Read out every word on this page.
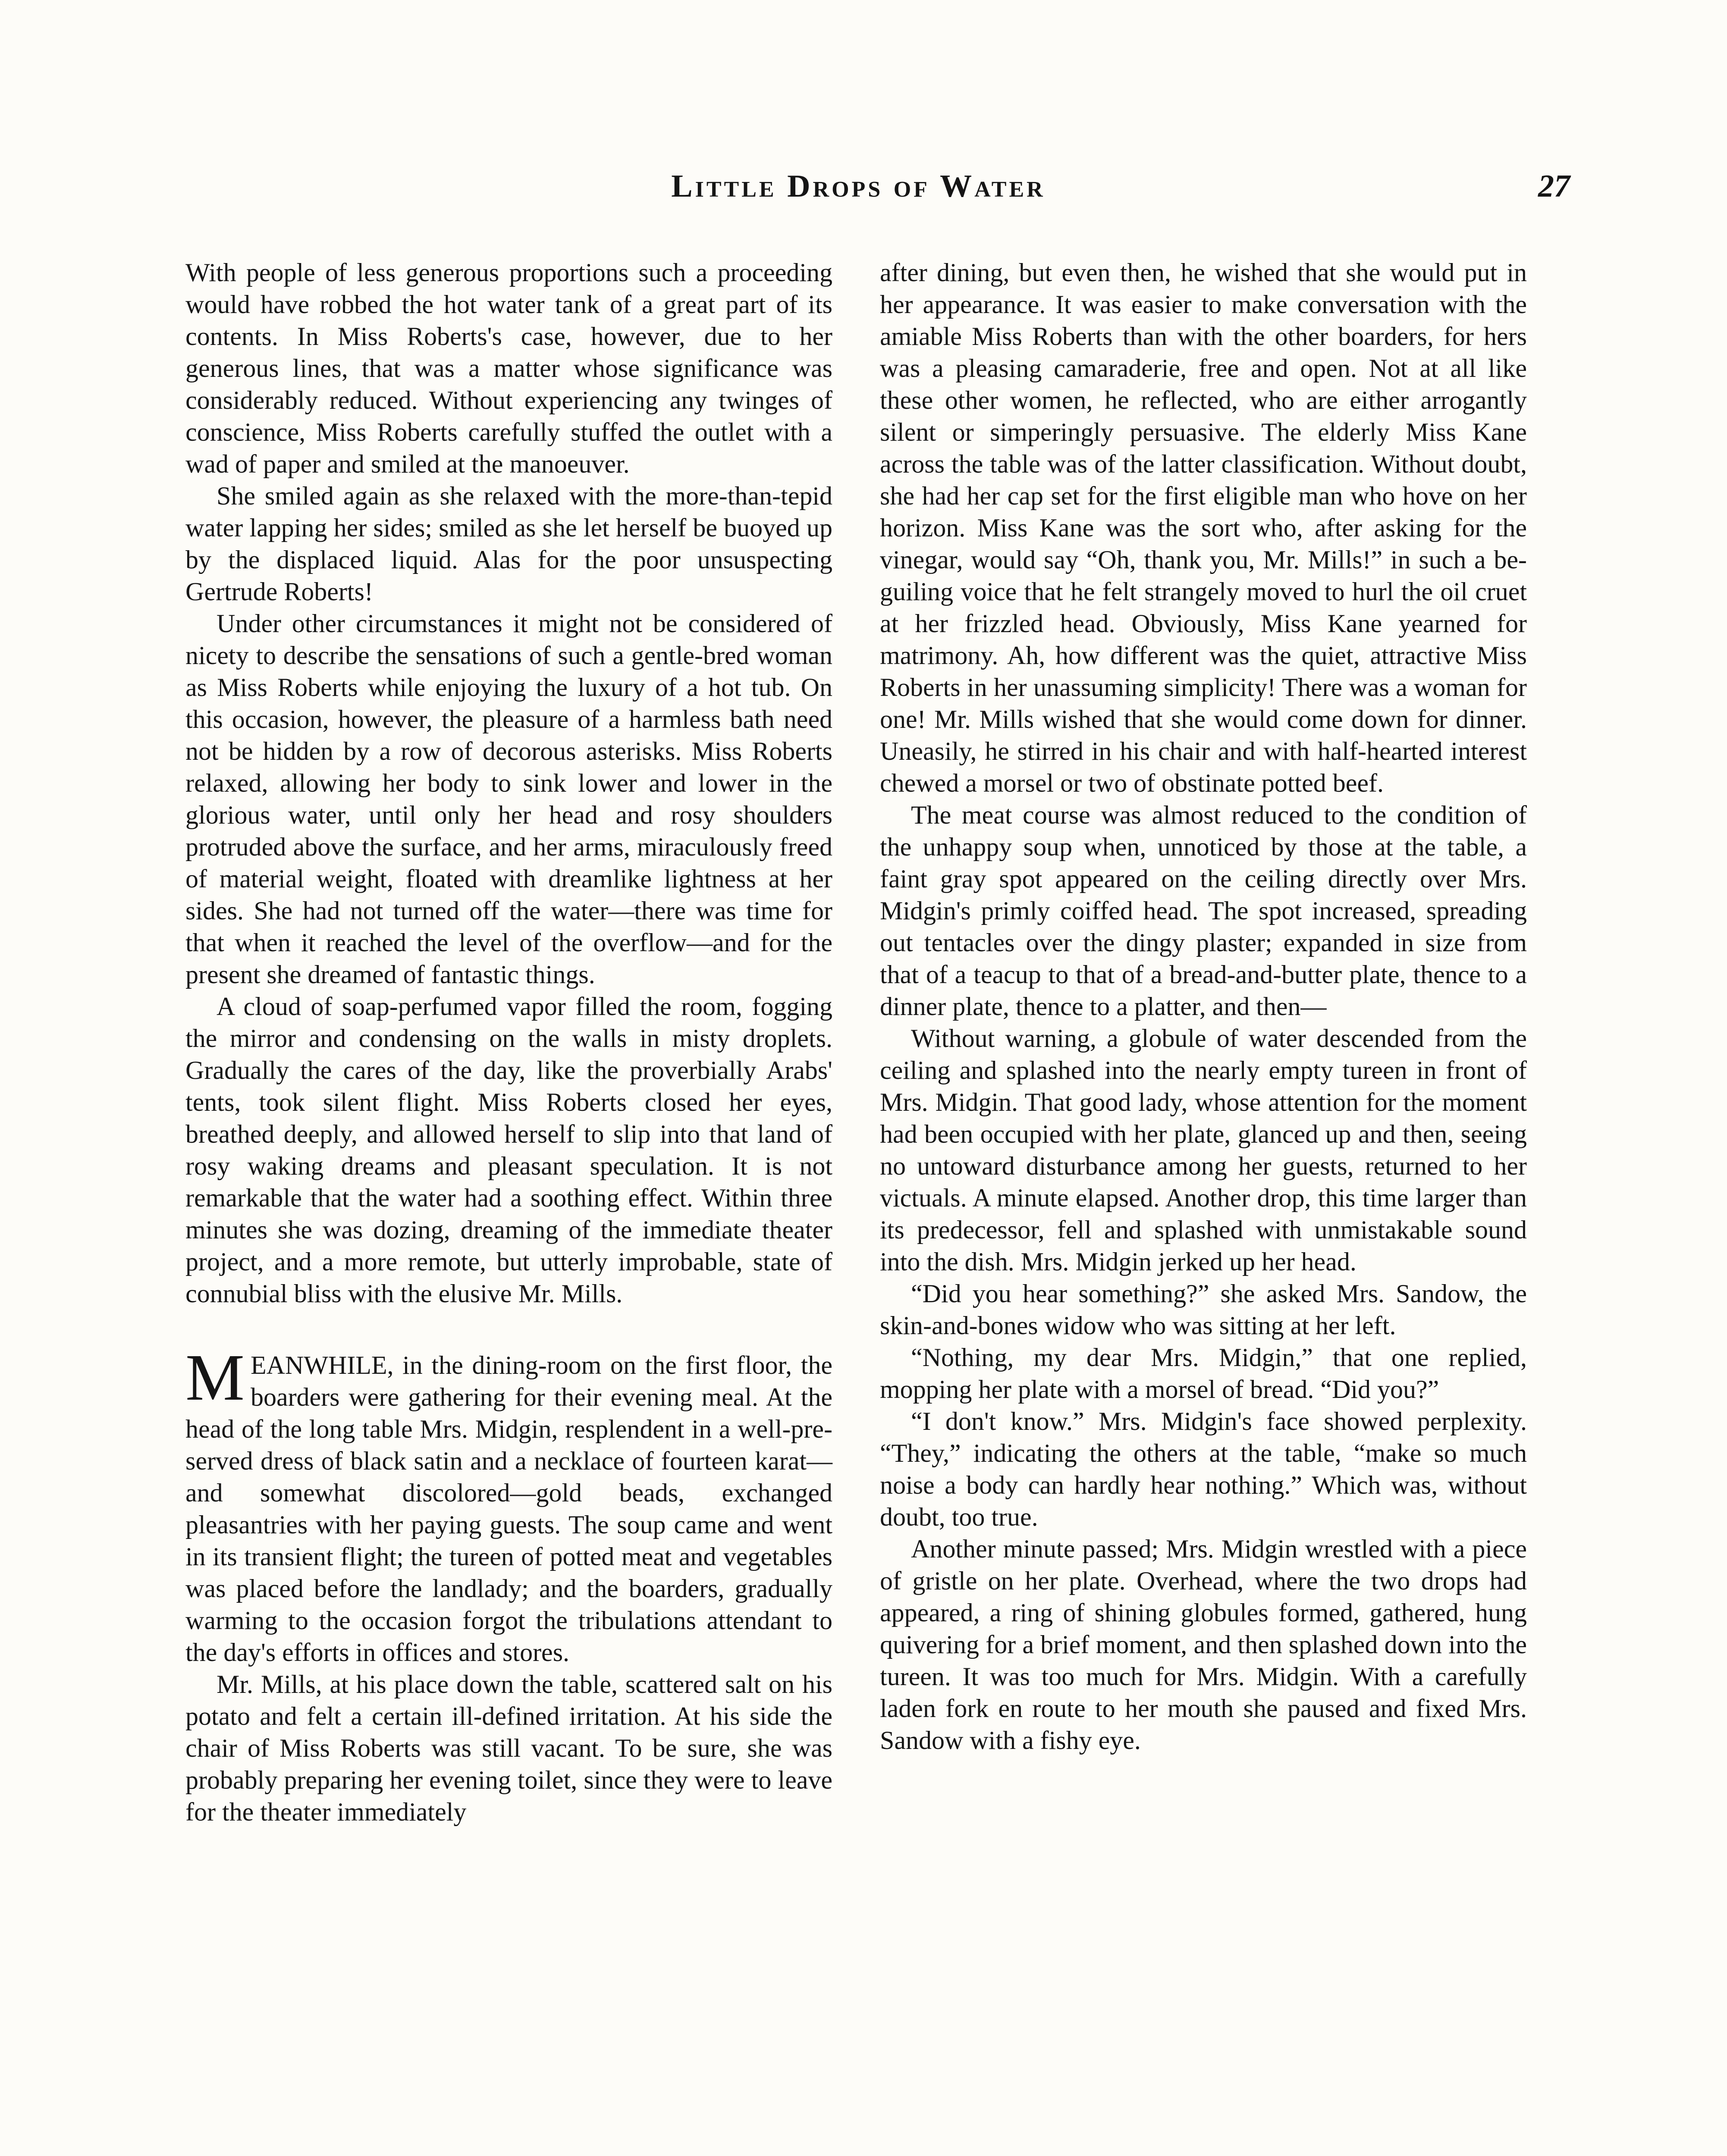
Little Drops of Water	27

With people of less generous proportions such a proceeding would have robbed the hot water tank of a great part of its contents. In Miss Roberts's case, however, due to her generous lines, that was a matter whose significance was considerably reduced. Without experiencing any twinges of conscience, Miss Roberts carefully stuffed the outlet with a wad of paper and smiled at the manoeuver.

She smiled again as she relaxed with the more-than-tepid water lapping her sides; smiled as she let herself be buoyed up by the displaced liquid. Alas for the poor unsuspecting Gertrude Roberts!

Under other circumstances it might not be considered of nicety to describe the sensations of such a gentle-bred woman as Miss Roberts while enjoying the luxury of a hot tub. On this occasion, however, the pleasure of a harmless bath need not be hidden by a row of decorous asterisks. Miss Roberts relaxed, allowing her body to sink lower and lower in the glorious water, until only her head and rosy shoulders protruded above the surface, and her arms, miraculously freed of material weight, floated with dreamlike lightness at her sides. She had not turned off the water—there was time for that when it reached the level of the overflow—and for the present she dreamed of fantastic things.

A cloud of soap-perfumed vapor filled the room, fogging the mirror and condensing on the walls in misty droplets. Gradually the cares of the day, like the proverbially Arabs' tents, took silent flight. Miss Roberts closed her eyes, breathed deeply, and allowed herself to slip into that land of rosy waking dreams and pleasant speculation. It is not remarkable that the water had a soothing effect. Within three minutes she was dozing, dreaming of the immediate theater project, and a more remote, but utterly improbable, state of connubial bliss with the elusive Mr. Mills.

MEANWHILE, in the dining-room on the first floor, the boarders were gathering for their evening meal. At the head of the long table Mrs. Midgin, resplendent in a well-preserved dress of black satin and a necklace of fourteen karat—and somewhat discolored—gold beads, exchanged pleasantries with her paying guests. The soup came and went in its transient flight; the tureen of potted meat and vegetables was placed before the landlady; and the boarders, gradually warming to the occasion forgot the tribulations attendant to the day's efforts in offices and stores.

Mr. Mills, at his place down the table, scattered salt on his potato and felt a certain ill-defined irritation. At his side the chair of Miss Roberts was still vacant. To be sure, she was probably preparing her evening toilet, since they were to leave for the theater immediately

after dining, but even then, he wished that she would put in her appearance. It was easier to make conversation with the amiable Miss Roberts than with the other boarders, for hers was a pleasing camaraderie, free and open. Not at all like these other women, he reflected, who are either arrogantly silent or simperingly persuasive. The elderly Miss Kane across the table was of the latter classification. Without doubt, she had her cap set for the first eligible man who hove on her horizon. Miss Kane was the sort who, after asking for the vinegar, would say “Oh, thank you, Mr. Mills!” in such a beguiling voice that he felt strangely moved to hurl the oil cruet at her frizzled head. Obviously, Miss Kane yearned for matrimony. Ah, how different was the quiet, attractive Miss Roberts in her unassuming simplicity! There was a woman for one! Mr. Mills wished that she would come down for dinner. Uneasily, he stirred in his chair and with half-hearted interest chewed a morsel or two of obstinate potted beef.

The meat course was almost reduced to the condition of the unhappy soup when, unnoticed by those at the table, a faint gray spot appeared on the ceiling directly over Mrs. Midgin's primly coiffed head. The spot increased, spreading out tentacles over the dingy plaster; expanded in size from that of a teacup to that of a bread-and-butter plate, thence to a dinner plate, thence to a platter, and then—

Without warning, a globule of water descended from the ceiling and splashed into the nearly empty tureen in front of Mrs. Midgin. That good lady, whose attention for the moment had been occupied with her plate, glanced up and then, seeing no untoward disturbance among her guests, returned to her victuals. A minute elapsed. Another drop, this time larger than its predecessor, fell and splashed with unmistakable sound into the dish. Mrs. Midgin jerked up her head.

“Did you hear something?” she asked Mrs. Sandow, the skin-and-bones widow who was sitting at her left.

“Nothing, my dear Mrs. Midgin,” that one replied, mopping her plate with a morsel of bread. “Did you?”

“I don't know.” Mrs. Midgin's face showed perplexity. “They,” indicating the others at the table, “make so much noise a body can hardly hear nothing.” Which was, without doubt, too true.

Another minute passed; Mrs. Midgin wrestled with a piece of gristle on her plate. Overhead, where the two drops had appeared, a ring of shining globules formed, gathered, hung quivering for a brief moment, and then splashed down into the tureen. It was too much for Mrs. Midgin. With a carefully laden fork en route to her mouth she paused and fixed Mrs. Sandow with a fishy eye.
